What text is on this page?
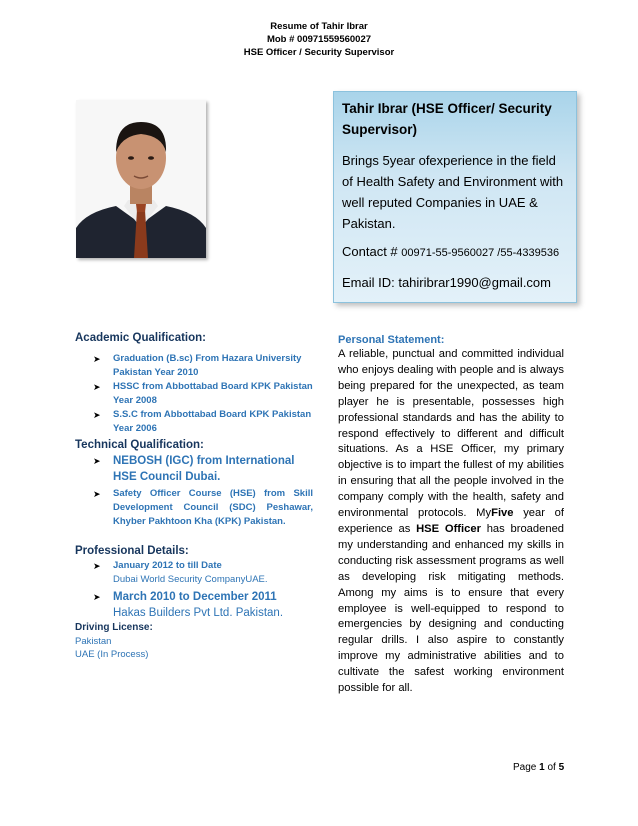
Resume of Tahir Ibrar
Mob # 00971559560027
HSE Officer / Security Supervisor
Tahir Ibrar (HSE Officer/ Security Supervisor)
Brings 5year ofexperience in the field of Health Safety and Environment with well reputed Companies in UAE & Pakistan.
Contact # 00971-55-9560027 /55-4339536
Email ID: tahiribrar1990@gmail.com
Academic Qualification:
➤ Graduation (B.sc) From Hazara University Pakistan Year 2010
➤ HSSC from Abbottabad Board KPK Pakistan Year 2008
➤ S.S.C from Abbottabad Board KPK Pakistan Year 2006
Technical Qualification:
➤ NEBOSH (IGC) from International HSE Council Dubai.
➤ Safety Officer Course (HSE) from Skill Development Council (SDC) Peshawar, Khyber Pakhtoon Kha (KPK) Pakistan.
Professional Details:
➤ January 2012 to till Date
Dubai World Security CompanyUAE.
➤ March 2010 to December 2011
Hakas Builders Pvt Ltd. Pakistan.
Driving License:
Pakistan
UAE (In Process)
Personal Statement:
A reliable, punctual and committed individual who enjoys dealing with people and is always being prepared for the unexpected, as team player he is presentable, possesses high professional standards and has the ability to respond effectively to different and difficult situations. As a HSE Officer, my primary objective is to impart the fullest of my abilities in ensuring that all the people involved in the company comply with the health, safety and environmental protocols. MyFive year of experience as HSE Officer has broadened my understanding and enhanced my skills in conducting risk assessment programs as well as developing risk mitigating methods. Among my aims is to ensure that every employee is well-equipped to respond to emergencies by designing and conducting regular drills. I also aspire to constantly improve my administrative abilities and to cultivate the safest working environment possible for all.
Page 1 of 5
